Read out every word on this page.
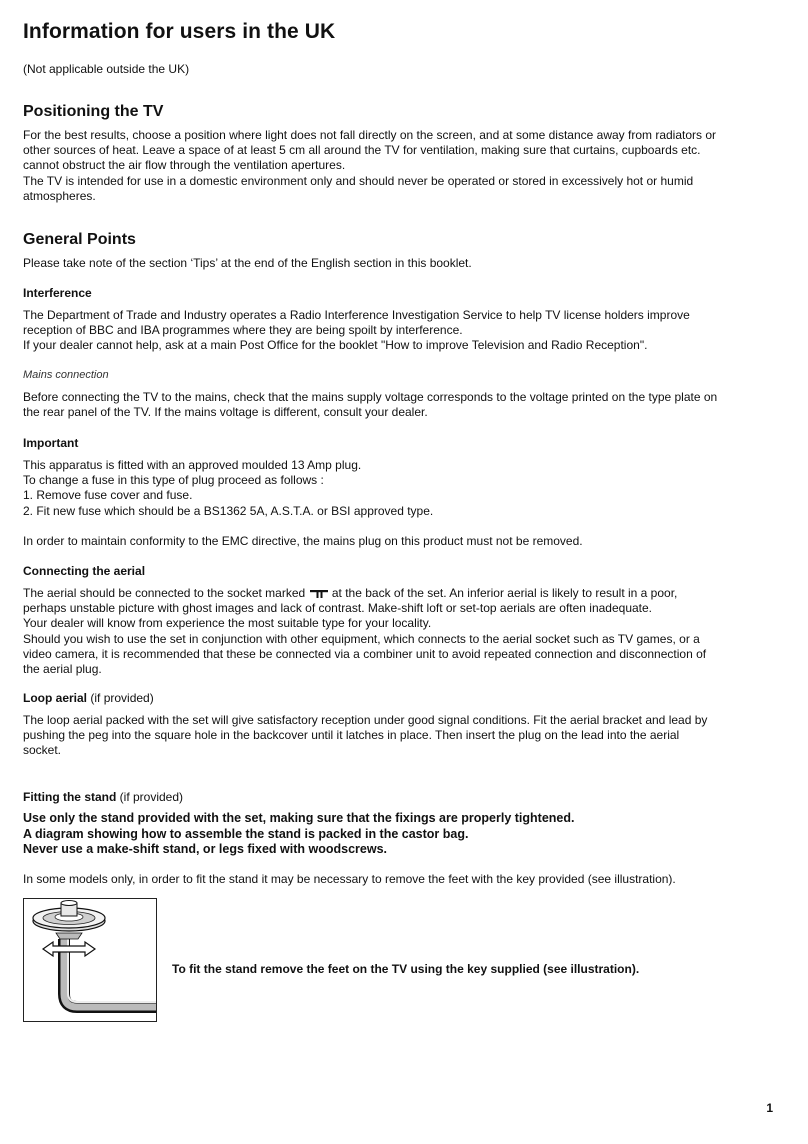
Information for users in the UK

(Not applicable outside the UK)

Positioning the TV
For the best results, choose a position where light does not fall directly on the screen, and at some distance away from radiators or
other sources of heat. Leave a space of at least 5 cm all around the TV for ventilation, making sure that curtains, cupboards etc.
cannot obstruct the air flow through the ventilation apertures.
The TV is intended for use in a domestic environment only and should never be operated or stored in excessively hot or humid
atmospheres.
General Points

Please take note of the section ‘Tips’ at the end of the English section in this booklet.

Interference
The Department of Trade and Industry operates a Radio Interference Investigation Service to help TV license holders improve
reception of BBC and IBA programmes where they are being spoilt by interference.
If your dealer cannot help, ask at a main Post Office for the booklet "How to improve Television and Radio Reception".

Mains connection

Before connecting the TV to the mains, check that the mains supply voltage corresponds to the voltage printed on the type plate on
the rear panel of the TV. If the mains voltage is different, consult your dealer.
Important
This apparatus is fitted with an approved moulded 13 Amp plug.
To change a fuse in this type of plug proceed as follows :
1. Remove fuse cover and fuse.
2. Fit new fuse which should be a BS1362 5A, A.S.T.A. or BSI approved type.

In order to maintain conformity to the EMC directive, the mains plug on this product must not be removed.

Connecting the aerial
The aerial should be connected to the socket marked at the back of the set. An inferior aerial is likely to result in a poor,
perhaps unstable picture with ghost images and lack of contrast. Make-shift loft or set-top aerials are often inadequate.
Your dealer will know from experience the most suitable type for your locality.
Should you wish to use the set in conjunction with other equipment, which connects to the aerial socket such as TV games, or a
video camera, it is recommended that these be connected via a combiner unit to avoid repeated connection and disconnection of
the aerial plug.
Loop aerial (if provided)
The loop aerial packed with the set will give satisfactory reception under good signal conditions. Fit the aerial bracket and lead by
pushing the peg into the square hole in the backcover until it latches in place. Then insert the plug on the lead into the aerial
socket.
Fitting the stand (if provided)
Use only the stand provided with the set, making sure that the fixings are properly tightened.
A diagram showing how to assemble the stand is packed in the castor bag.
Never use a make-shift stand, or legs fixed with woodscrews.

In some models only, in order to fit the stand it may be necessary to remove the feet with the key provided (see illustration).

To fit the stand remove the feet on the TV using the key supplied (see illustration).

1
